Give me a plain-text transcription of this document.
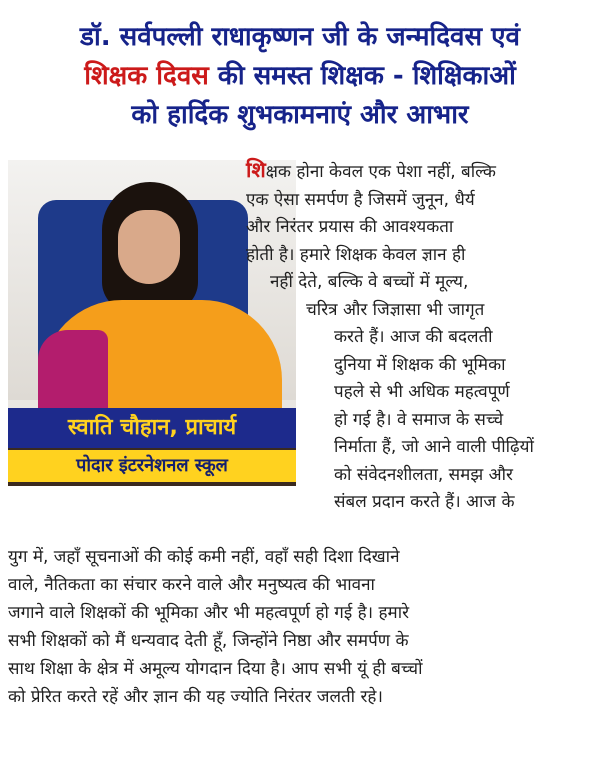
डॉ. सर्वपल्ली राधाकृष्णन जी के जन्मदिवस एवं
शिक्षक दिवस की समस्त शिक्षक - शिक्षिकाओं
को हार्दिक शुभकामनाएं और आभार
स्वाति चौहान, प्राचार्य
पोदार इंटरनेशनल स्कूल
शिक्षक होना केवल एक पेशा नहीं, बल्कि
एक ऐसा समर्पण है जिसमें जुनून, धैर्य
और निरंतर प्रयास की आवश्यकता
होती है। हमारे शिक्षक केवल ज्ञान ही
नहीं देते, बल्कि वे बच्चों में मूल्य,
चरित्र और जिज्ञासा भी जागृत
करते हैं। आज की बदलती
दुनिया में शिक्षक की भूमिका
पहले से भी अधिक महत्वपूर्ण
हो गई है। वे समाज के सच्चे
निर्माता हैं, जो आने वाली पीढ़ियों
को संवेदनशीलता, समझ और
संबल प्रदान करते हैं। आज के
युग में, जहाँ सूचनाओं की कोई कमी नहीं, वहाँ सही दिशा दिखाने
वाले, नैतिकता का संचार करने वाले और मनुष्यत्व की भावना
जगाने वाले शिक्षकों की भूमिका और भी महत्वपूर्ण हो गई है। हमारे
सभी शिक्षकों को मैं धन्यवाद देती हूँ, जिन्होंने निष्ठा और समर्पण के
साथ शिक्षा के क्षेत्र में अमूल्य योगदान दिया है। आप सभी यूं ही बच्चों
को प्रेरित करते रहें और ज्ञान की यह ज्योति निरंतर जलती रहे।
